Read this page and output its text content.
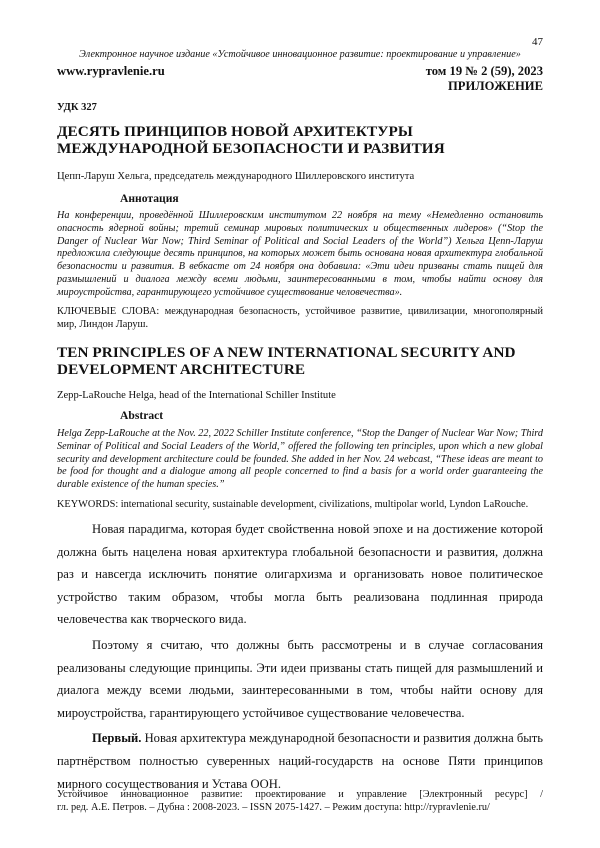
47
Электронное научное издание «Устойчивое инновационное развитие: проектирование и управление»
www.rypravlenie.ru	том 19 № 2 (59), 2023
ПРИЛОЖЕНИЕ
УДК 327
ДЕСЯТЬ ПРИНЦИПОВ НОВОЙ АРХИТЕКТУРЫ МЕЖДУНАРОДНОЙ БЕЗОПАСНОСТИ И РАЗВИТИЯ
Цепп-Ларуш Хельга, председатель международного Шиллеровского института
Аннотация
На конференции, проведённой Шиллеровским институтом 22 ноября на тему «Немедленно остановить опасность ядерной войны; третий семинар мировых политических и общественных лидеров» (“Stop the Danger of Nuclear War Now; Third Seminar of Political and Social Leaders of the World”) Хельга Цепп-Ларуш предложила следующие десять принципов, на которых может быть основана новая архитектура глобальной безопасности и развития. В вебкасте от 24 ноября она добавила: «Эти идеи призваны стать пищей для размышлений и диалога между всеми людьми, заинтересованными в том, чтобы найти основу для мироустройства, гарантирующего устойчивое существование человечества».
КЛЮЧЕВЫЕ СЛОВА: международная безопасность, устойчивое развитие, цивилизации, многополярный мир, Линдон Ларуш.
TEN PRINCIPLES OF A NEW INTERNATIONAL SECURITY AND DEVELOPMENT ARCHITECTURE
Zepp-LaRouche Helga, head of the International Schiller Institute
Abstract
Helga Zepp-LaRouche at the Nov. 22, 2022 Schiller Institute conference, “Stop the Danger of Nuclear War Now; Third Seminar of Political and Social Leaders of the World,” offered the following ten principles, upon which a new global security and development architecture could be founded. She added in her Nov. 24 webcast, “These ideas are meant to be food for thought and a dialogue among all people concerned to find a basis for a world order guaranteeing the durable existence of the human species.”
KEYWORDS: international security, sustainable development, civilizations, multipolar world, Lyndon LaRouche.

Новая парадигма, которая будет свойственна новой эпохе и на достижение которой должна быть нацелена новая архитектура глобальной безопасности и развития, должна раз и навсегда исключить понятие олигархизма и организовать новое политическое устройство таким образом, чтобы могла быть реализована подлинная природа человечества как творческого вида.

Поэтому я считаю, что должны быть рассмотрены и в случае согласования реализованы следующие принципы. Эти идеи призваны стать пищей для размышлений и диалога между всеми людьми, заинтересованными в том, чтобы найти основу для мироустройства, гарантирующего устойчивое существование человечества.

Первый. Новая архитектура международной безопасности и развития должна быть партнёрством полностью суверенных наций-государств на основе Пяти принципов мирного сосуществования и Устава ООН.

Устойчивое инновационное развитие: проектирование и управление [Электронный ресурс] /
гл. ред. А.Е. Петров. – Дубна : 2008-2023. – ISSN 2075-1427. – Режим доступа: http://rypravlenie.ru/
